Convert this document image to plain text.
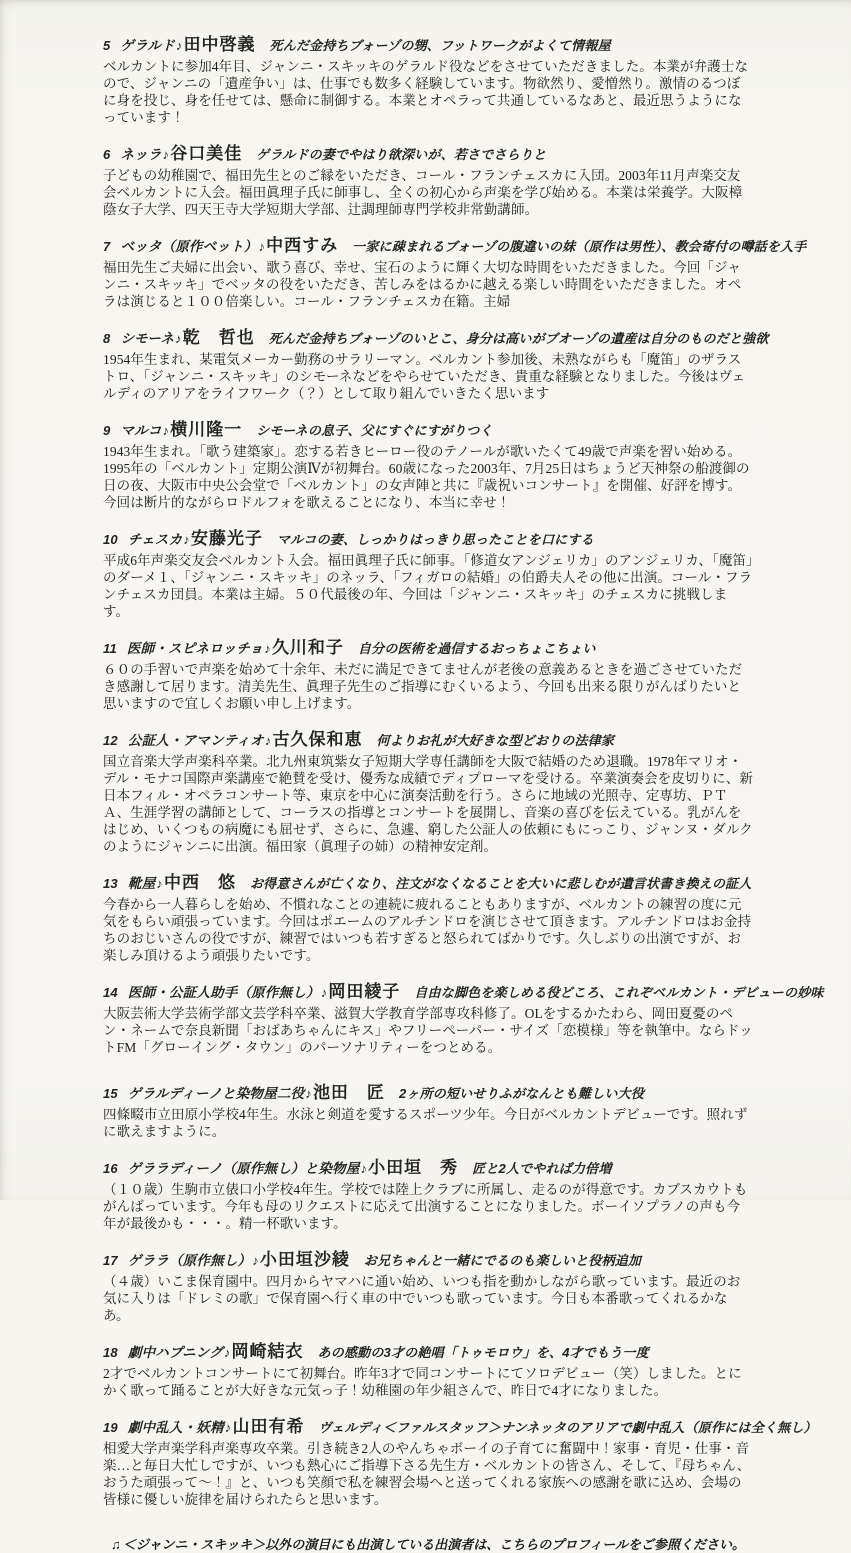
5 ゲラルド♪田中啓義 死んだ金持ちブォーゾの甥、フットワークがよくて情報屋
ベルカントに参加4年目、ジャンニ・スキッキのゲラルド役などをさせていただきました。本業が弁護士なので、ジャンニの「遺産争い」は、仕事でも数多く経験しています。物欲然り、愛憎然り。激情のるつぼに身を投じ、身を任せては、懸命に制御する。本業とオペラって共通しているなあと、最近思うようになっています！
6 ネッラ♪谷口美佳 ゲラルドの妻でやはり欲深いが、若さでさらりと
子どもの幼稚園で、福田先生とのご縁をいただき、コール・フランチェスカに入団。2003年11月声楽交友会ベルカントに入会。福田眞理子氏に師事し、全くの初心から声楽を学び始める。本業は栄養学。大阪樟蔭女子大学、四天王寺大学短期大学部、辻調理師専門学校非常勤講師。
7 ベッタ（原作ベット）♪中西すみ 一家に疎まれるブォーゾの腹違いの妹（原作は男性）、教会寄付の噂話を入手
福田先生ご夫婦に出会い、歌う喜び、幸せ、宝石のように輝く大切な時間をいただきました。今回「ジャンニ・スキッキ」でベッタの役をいただき、苦しみをはるかに越える楽しい時間をいただきました。オペラは演じると１００倍楽しい。コール・フランチェスカ在籍。主婦
8 シモーネ♪乾　哲也 死んだ金持ちブォーゾのいとこ、身分は高いがブオーゾの遺産は自分のものだと強欲
1954年生まれ、某電気メーカー勤務のサラリーマン。ベルカント参加後、未熟ながらも「魔笛」のザラストロ、「ジャンニ・スキッキ」のシモーネなどをやらせていただき、貴重な経験となりました。今後はヴェルディのアリアをライフワーク（？）として取り組んでいきたく思います
9 マルコ♪横川隆一 シモーネの息子、父にすぐにすがりつく
1943年生まれ。「歌う建築家」。恋する若きヒーロー役のテノールが歌いたくて49歳で声楽を習い始める。1995年の「ベルカント」定期公演Ⅳが初舞台。60歳になった2003年、7月25日はちょうど天神祭の船渡御の日の夜、大阪市中央公会堂で「ベルカント」の女声陣と共に『歳祝いコンサート』を開催、好評を博す。今回は断片的ながらロドルフォを歌えることになり、本当に幸せ！
10 チェスカ♪安藤光子 マルコの妻、しっかりはっきり思ったことを口にする
平成6年声楽交友会ベルカント入会。福田眞理子氏に師事。「修道女アンジェリカ」のアンジェリカ、「魔笛」のダーメ１、「ジャンニ・スキッキ」のネッラ、「フィガロの結婚」の伯爵夫人その他に出演。コール・フランチェスカ団員。本業は主婦。５０代最後の年、今回は「ジャンニ・スキッキ」のチェスカに挑戦します。
11 医師・スピネロッチョ♪久川和子 自分の医術を過信するおっちょこちょい
６０の手習いで声楽を始めて十余年、未だに満足できてませんが老後の意義あるときを過ごさせていただき感謝して居ります。清美先生、眞理子先生のご指導にむくいるよう、今回も出来る限りがんばりたいと思いますので宜しくお願い申し上げます。
12 公証人・アマンティオ♪古久保和恵 何よりお礼が大好きな型どおりの法律家
国立音楽大学声楽科卒業。北九州東筑紫女子短期大学専任講師を大阪で結婚のため退職。1978年マリオ・デル・モナコ国際声楽講座で絶賛を受け、優秀な成績でディプローマを受ける。卒業演奏会を皮切りに、新日本フィル・オペラコンサート等、東京を中心に演奏活動を行う。さらに地域の光照寺、定専坊、ＰＴＡ、生涯学習の講師として、コーラスの指導とコンサートを展開し、音楽の喜びを伝えている。乳がんをはじめ、いくつもの病魔にも屈せず、さらに、急遽、窮した公証人の依頼にもにっこり、ジャンヌ・ダルクのようにジャンニに出演。福田家（眞理子の姉）の精神安定剤。
13 靴屋♪中西　悠 お得意さんが亡くなり、注文がなくなることを大いに悲しむが遺言状書き換えの証人
今春から一人暮らしを始め、不慣れなことの連続に疲れることもありますが、ベルカントの練習の度に元気をもらい頑張っています。今回はポエームのアルチンドロを演じさせて頂きます。アルチンドロはお金持ちのおじいさんの役ですが、練習ではいつも若すぎると怒られてばかりです。久しぶりの出演ですが、お楽しみ頂けるよう頑張りたいです。
14 医師・公証人助手（原作無し）♪岡田綾子 自由な脚色を楽しめる役どころ、これぞベルカント・デビューの妙味
大阪芸術大学芸術学部文芸学科卒業、滋賀大学教育学部専攻科修了。OLをするかたわら、岡田夏憂のペン・ネームで奈良新聞「おばあちゃんにキス」やフリーペーパー・サイズ「恋模様」等を執筆中。ならドットFM「グローイング・タウン」のパーソナリティーをつとめる。
15 ゲラルディーノと染物屋二役♪池田　匠 2ヶ所の短いせりふがなんとも難しい大役
四條畷市立田原小学校4年生。水泳と剣道を愛するスポーツ少年。今日がベルカントデビューです。照れずに歌えますように。
16 ゲララディーノ（原作無し）と染物屋♪小田垣　秀 匠と2人でやれば力倍増
（１０歳）生駒市立俵口小学校4年生。学校では陸上クラブに所属し、走るのが得意です。カブスカウトもがんばっています。今年も母のリクエストに応えて出演することになりました。ボーイソプラノの声も今年が最後かも・・・。精一杯歌います。
17 ゲララ（原作無し）♪小田垣沙綾 お兄ちゃんと一緒にでるのも楽しいと役柄追加
（４歳）いこま保育園中。四月からヤマハに通い始め、いつも指を動かしながら歌っています。最近のお気に入りは「ドレミの歌」で保育園へ行く車の中でいつも歌っています。今日も本番歌ってくれるかなあ。
18 劇中ハプニング♪岡崎結衣 あの感動の3才の絶唱「トゥモロウ」を、4才でもう一度
2才でベルカントコンサートにて初舞台。昨年3才で同コンサートにてソロデビュー（笑）しました。とにかく歌って踊ることが大好きな元気っ子！幼稚園の年少組さんで、昨日で4才になりました。
19 劇中乱入・妖精♪山田有希 ヴェルディ＜ファルスタッフ＞ナンネッタのアリアで劇中乱入（原作には全く無し）
相愛大学声楽学科声楽専攻卒業。引き続き2人のやんちゃボーイの子育てに奮闘中！家事・育児・仕事・音楽…と毎日大忙しですが、いつも熱心にご指導下さる先生方・ベルカントの皆さん、そして、『母ちゃん、おうた頑張って～！』と、いつも笑顔で私を練習会場へと送ってくれる家族への感謝を歌に込め、会場の皆様に優しい旋律を届けられたらと思います。
♫ ＜ジャンニ・スキッキ＞以外の演目にも出演している出演者は、こちらのプロフィールをご参照ください。
